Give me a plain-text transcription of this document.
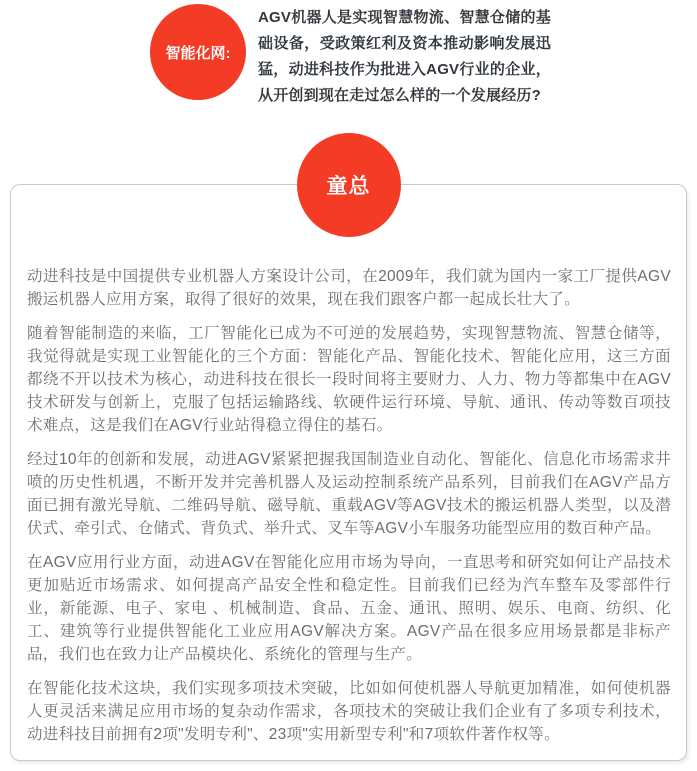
智能化网:
AGV机器人是实现智慧物流、智慧仓储的基础设备，受政策红利及资本推动影响发展迅猛，动进科技作为批进入AGV行业的企业，从开创到现在走过怎么样的一个发展经历?
童总

动进科技是中国提供专业机器人方案设计公司，在2009年，我们就为国内一家工厂提供AGV搬运机器人应用方案，取得了很好的效果，现在我们跟客户都一起成长壮大了。

随着智能制造的来临，工厂智能化已成为不可逆的发展趋势，实现智慧物流、智慧仓储等，我觉得就是实现工业智能化的三个方面：智能化产品、智能化技术、智能化应用，这三方面都绕不开以技术为核心，动进科技在很长一段时间将主要财力、人力、物力等都集中在AGV技术研发与创新上，克服了包括运输路线、软硬件运行环境、导航、通讯、传动等数百项技术难点，这是我们在AGV行业站得稳立得住的基石。

经过10年的创新和发展，动进AGV紧紧把握我国制造业自动化、智能化、信息化市场需求井喷的历史性机遇，不断开发并完善机器人及运动控制系统产品系列，目前我们在AGV产品方面已拥有激光导航、二维码导航、磁导航、重载AGV等AGV技术的搬运机器人类型，以及潜伏式、牵引式、仓储式、背负式、举升式、叉车等AGV小车服务功能型应用的数百种产品。

在AGV应用行业方面，动进AGV在智能化应用市场为导向，一直思考和研究如何让产品技术更加贴近市场需求、如何提高产品安全性和稳定性。目前我们已经为汽车整车及零部件行业，新能源、电子、家电 、机械制造、食品、五金、通讯、照明、娱乐、电商、纺织、化工、建筑等行业提供智能化工业应用AGV解决方案。AGV产品在很多应用场景都是非标产品，我们也在致力让产品模块化、系统化的管理与生产。

在智能化技术这块，我们实现多项技术突破，比如如何使机器人导航更加精准，如何使机器人更灵活来满足应用市场的复杂动作需求，各项技术的突破让我们企业有了多项专利技术，动进科技目前拥有2项"发明专利"、23项"实用新型专利"和7项软件著作权等。
